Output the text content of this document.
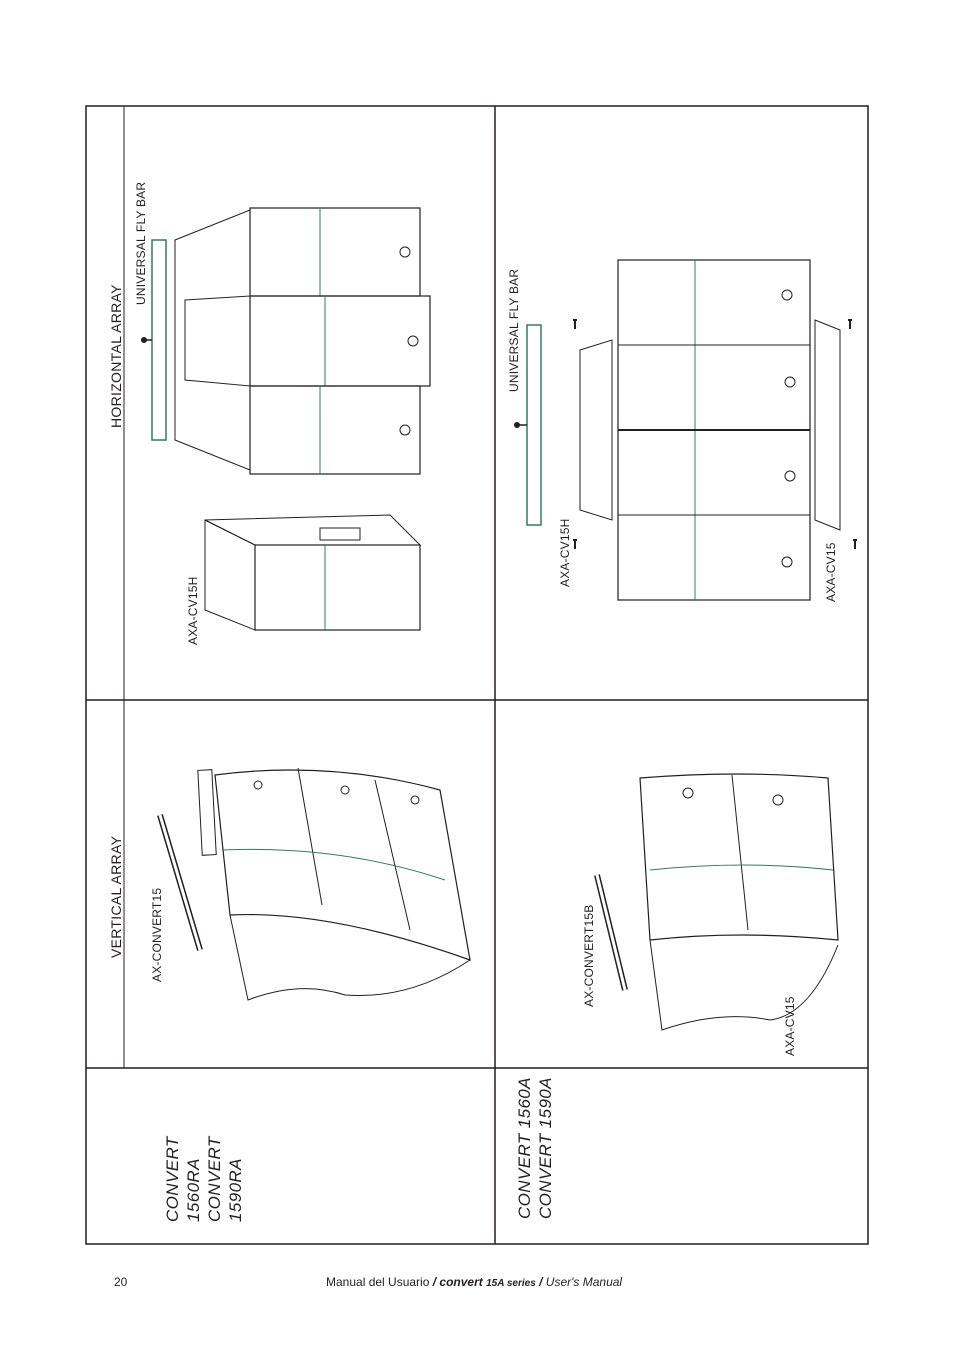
HORIZONTAL ARRAY
VERTICAL ARRAY
UNIVERSAL FLY BAR
AXA-CV15H
UNIVERSAL FLY BAR
AXA-CV15H	AXA-CV15
AX-CONVERT15	AX-CONVERT15B
AXA-CV15
CONVERT 1560RA CONVERT 1590RA	CONVERT 1560A
CONVERT 1590A
20	Manual del Usuario / convert 15A series / User's Manual
